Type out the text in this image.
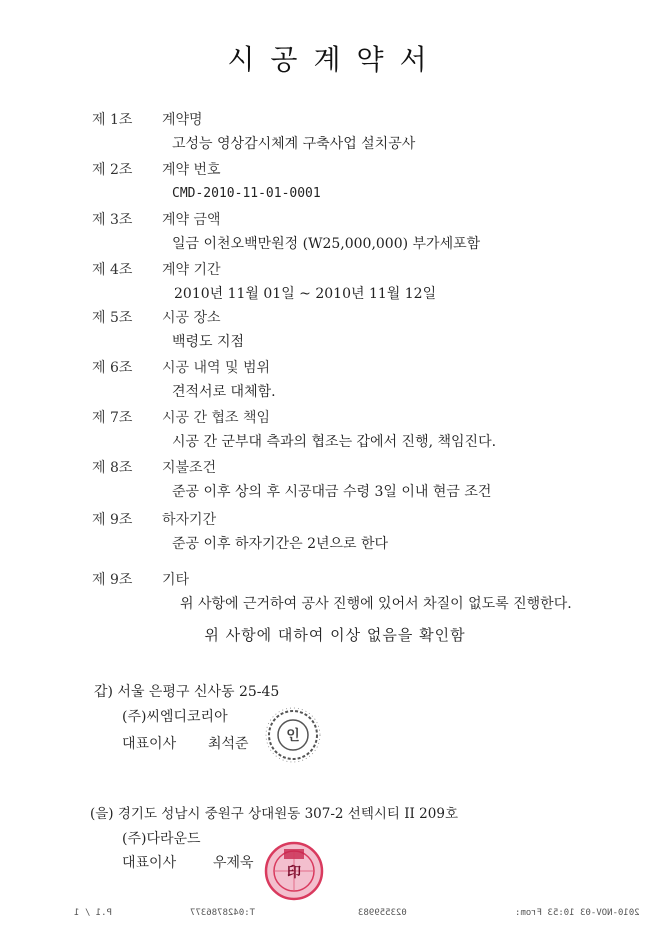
시공계약서
제 1조	계약명
고성능 영상감시체계 구축사업 설치공사
제 2조	계약 번호
CMD-2010-11-01-0001
제 3조	계약 금액
일금 이천오백만원정 (W25,000,000) 부가세포함
제 4조	계약 기간
2010년 11월 01일 ~ 2010년 11월 12일
제 5조	시공 장소
백령도 지점
제 6조	시공 내역 및 범위
견적서로 대체함.
제 7조	시공 간 협조 책임
시공 간 군부대 측과의 협조는 갑에서 진행, 책임진다.
제 8조	지불조건
준공 이후 상의 후 시공대금 수령 3일 이내 현금 조건
제 9조	하자기간
준공 이후 하자기간은 2년으로 한다
제 9조	기타
위 사항에 근거하여 공사 진행에 있어서 차질이 없도록 진행한다.
위 사항에 대하여 이상 없음을 확인함
갑) 서울 은평구 신사동 25-45
(주)씨엠디코리아
대표이사 최석준	인
(을) 경기도 성남시 중원구 상대원동 307-2 선텍시티 II 209호
(주)다라운드
대표이사	우제욱
印
P.1 / 1	T:0428786377	023559983	2010-NOV-03 10:53 From:
